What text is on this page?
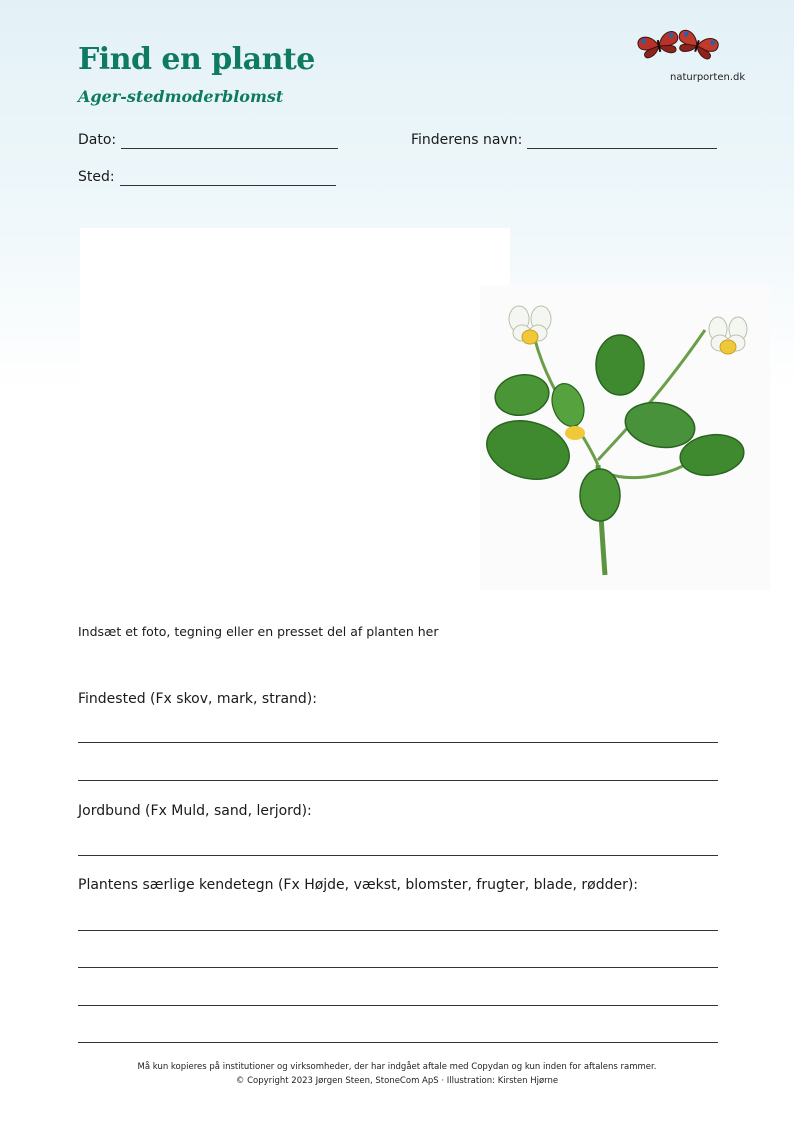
Find en plante
Ager-stedmoderblomst
naturporten.dk
Dato:	Finderens navn:
Sted:

Indsæt et foto, tegning eller en presset del af planten her

Findested (Fx skov, mark, strand):
Jordbund (Fx Muld, sand, lerjord):
Plantens særlige kendetegn (Fx Højde, vækst, blomster, frugter, blade, rødder):
Må kun kopieres på institutioner og virksomheder, der har indgået aftale med Copydan og kun inden for aftalens rammer.
© Copyright 2023 Jørgen Steen, StoneCom ApS · Illustration: Kirsten Hjørne
